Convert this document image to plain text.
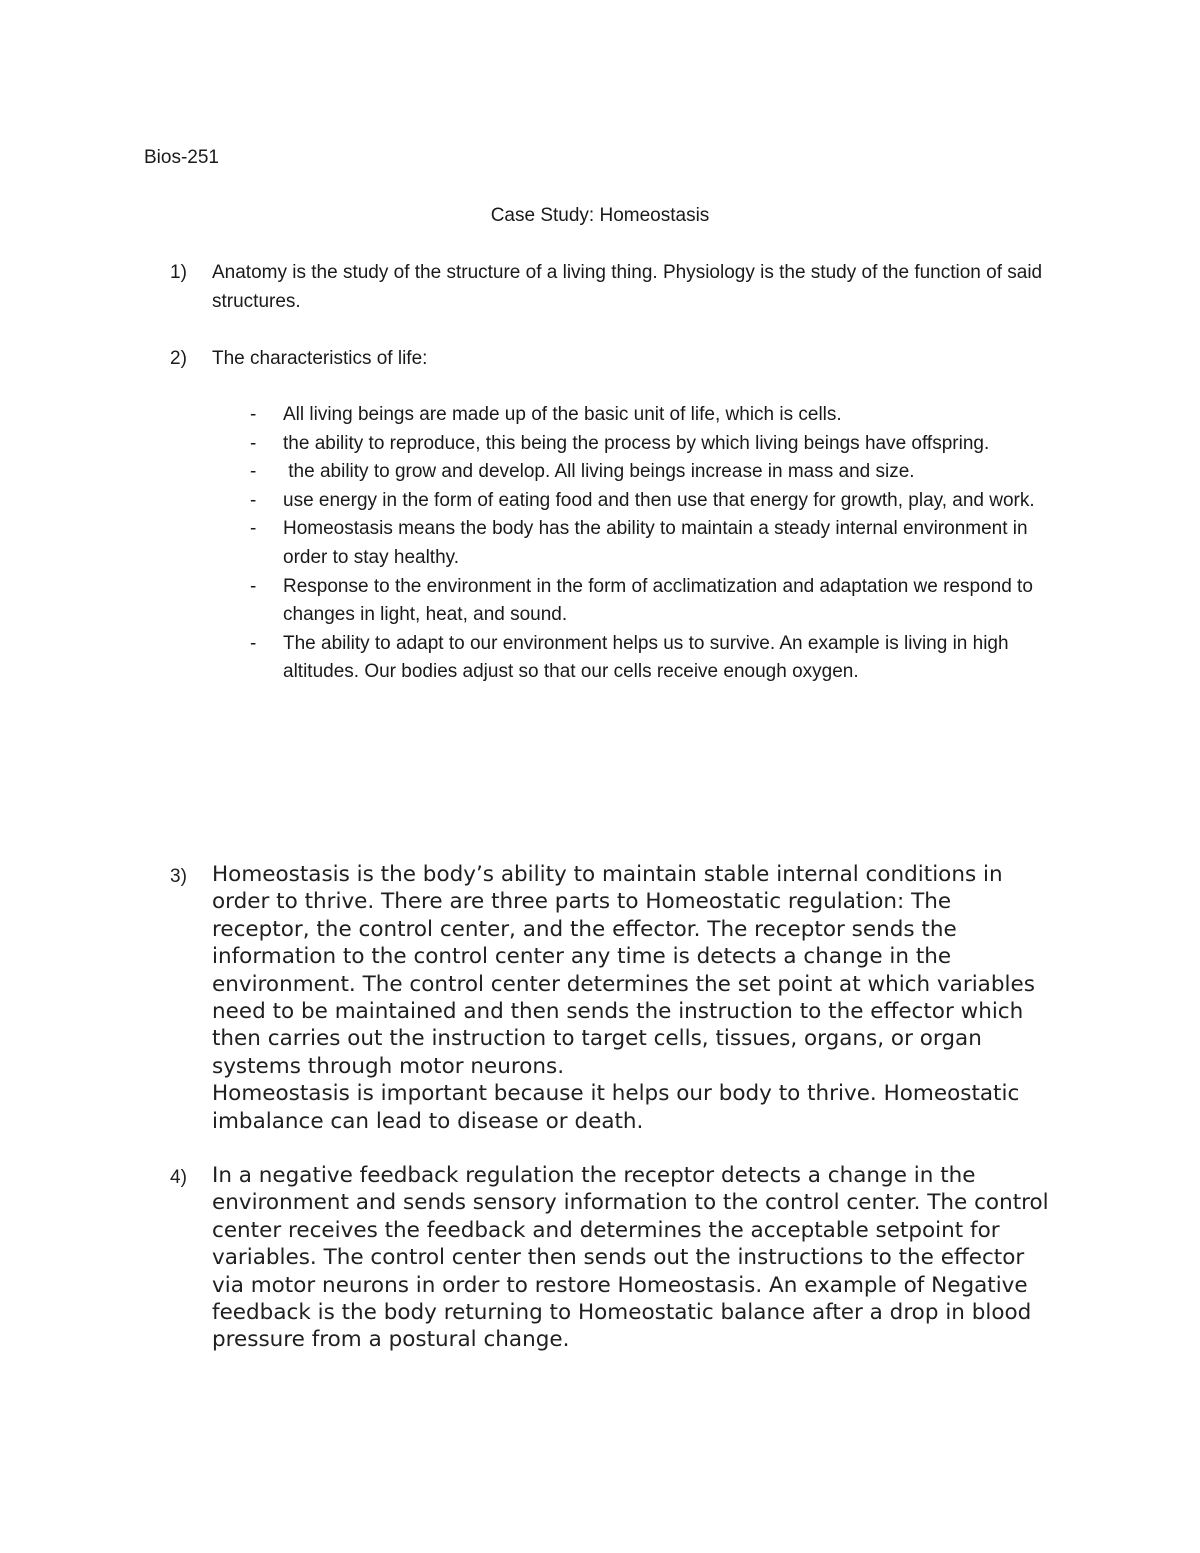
Bios-251
Case Study: Homeostasis
1)	Anatomy is the study of the structure of a living thing. Physiology is the study of the function of said structures.

2)	The characteristics of life:

- All living beings are made up of the basic unit of life, which is cells.
- the ability to reproduce, this being the process by which living beings have offspring.
- the ability to grow and develop. All living beings increase in mass and size.
- use energy in the form of eating food and then use that energy for growth, play, and work.
- Homeostasis means the body has the ability to maintain a steady internal environment in order to stay healthy.
- Response to the environment in the form of acclimatization and adaptation we respond to changes in light, heat, and sound.
- The ability to adapt to our environment helps us to survive. An example is living in high altitudes. Our bodies adjust so that our cells receive enough oxygen.
3)	Homeostasis is the body’s ability to maintain stable internal conditions in order to thrive. There are three parts to Homeostatic regulation: The receptor, the control center, and the effector. The receptor sends the information to the control center any time is detects a change in the environment. The control center determines the set point at which variables need to be maintained and then sends the instruction to the effector which then carries out the instruction to target cells, tissues, organs, or organ systems through motor neurons.

Homeostasis is important because it helps our body to thrive. Homeostatic imbalance can lead to disease or death.

4)	In a negative feedback regulation the receptor detects a change in the environment and sends sensory information to the control center. The control center receives the feedback and determines the acceptable setpoint for variables. The control center then sends out the instructions to the effector via motor neurons in order to restore Homeostasis. An example of Negative feedback is the body returning to Homeostatic balance after a drop in blood pressure from a postural change.
